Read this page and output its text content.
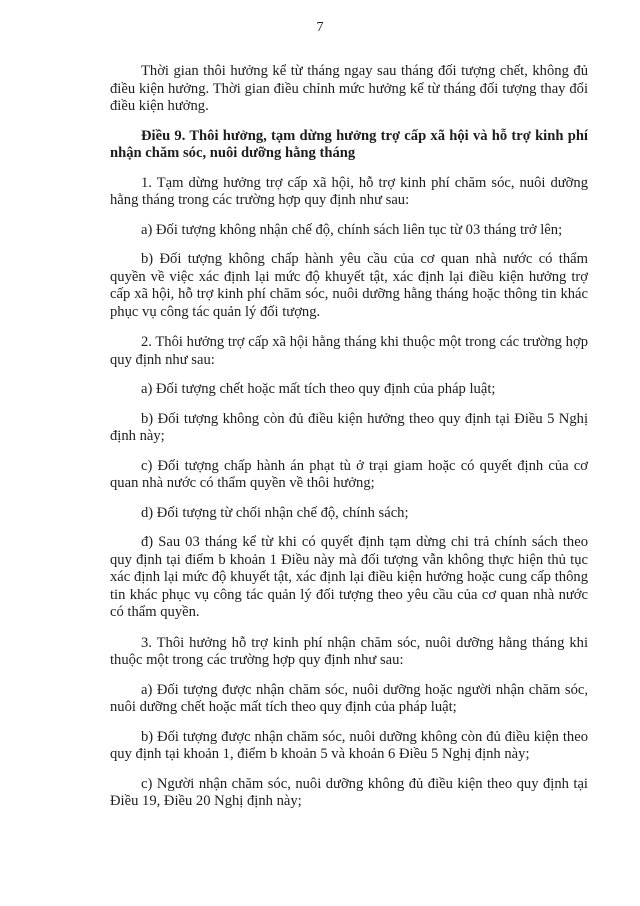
7

Thời gian thôi hưởng kể từ tháng ngay sau tháng đối tượng chết, không đủ điều kiện hưởng. Thời gian điều chỉnh mức hưởng kể từ tháng đối tượng thay đổi điều kiện hưởng.

Điều 9. Thôi hưởng, tạm dừng hưởng trợ cấp xã hội và hỗ trợ kinh phí nhận chăm sóc, nuôi dưỡng hằng tháng

1. Tạm dừng hưởng trợ cấp xã hội, hỗ trợ kinh phí chăm sóc, nuôi dưỡng hằng tháng trong các trường hợp quy định như sau:

a) Đối tượng không nhận chế độ, chính sách liên tục từ 03 tháng trở lên;

b) Đối tượng không chấp hành yêu cầu của cơ quan nhà nước có thẩm quyền về việc xác định lại mức độ khuyết tật, xác định lại điều kiện hưởng trợ cấp xã hội, hỗ trợ kinh phí chăm sóc, nuôi dưỡng hằng tháng hoặc thông tin khác phục vụ công tác quản lý đối tượng.

2. Thôi hưởng trợ cấp xã hội hằng tháng khi thuộc một trong các trường hợp quy định như sau:

a) Đối tượng chết hoặc mất tích theo quy định của pháp luật;

b) Đối tượng không còn đủ điều kiện hưởng theo quy định tại Điều 5 Nghị định này;

c) Đối tượng chấp hành án phạt tù ở trại giam hoặc có quyết định của cơ quan nhà nước có thẩm quyền về thôi hưởng;

d) Đối tượng từ chối nhận chế độ, chính sách;

đ) Sau 03 tháng kể từ khi có quyết định tạm dừng chi trả chính sách theo quy định tại điểm b khoản 1 Điều này mà đối tượng vẫn không thực hiện thủ tục xác định lại mức độ khuyết tật, xác định lại điều kiện hưởng hoặc cung cấp thông tin khác phục vụ công tác quản lý đối tượng theo yêu cầu của cơ quan nhà nước có thẩm quyền.

3. Thôi hưởng hỗ trợ kinh phí nhận chăm sóc, nuôi dưỡng hằng tháng khi thuộc một trong các trường hợp quy định như sau:

a) Đối tượng được nhận chăm sóc, nuôi dưỡng hoặc người nhận chăm sóc, nuôi dưỡng chết hoặc mất tích theo quy định của pháp luật;

b) Đối tượng được nhận chăm sóc, nuôi dưỡng không còn đủ điều kiện theo quy định tại khoản 1, điểm b khoản 5 và khoản 6 Điều 5 Nghị định này;

c) Người nhận chăm sóc, nuôi dưỡng không đủ điều kiện theo quy định tại Điều 19, Điều 20 Nghị định này;
